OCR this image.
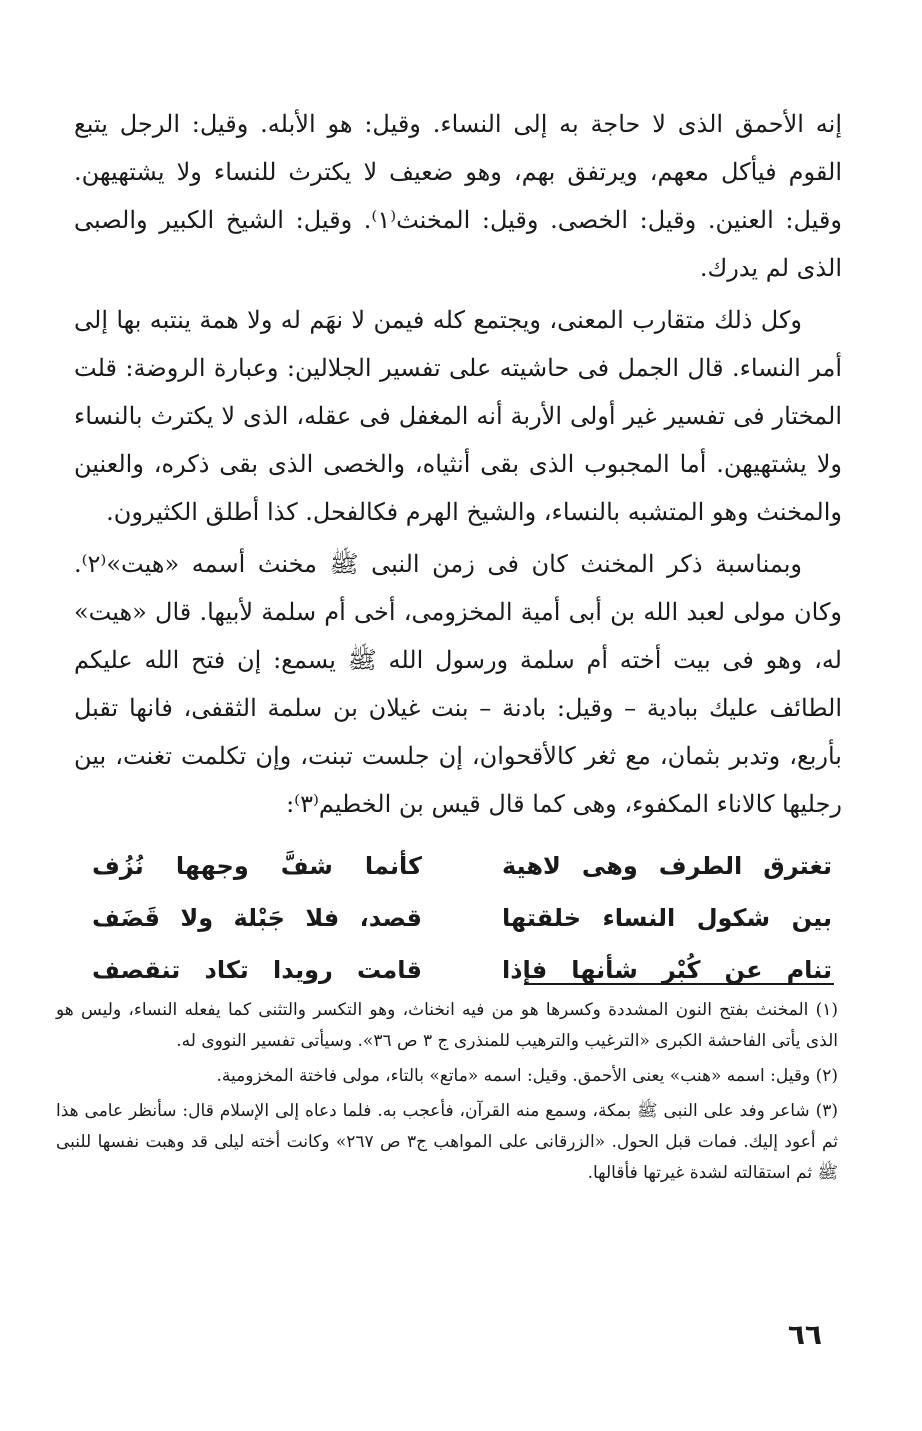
إنه الأحمق الذى لا حاجة به إلى النساء. وقيل: هو الأبله. وقيل: الرجل يتبع القوم فيأكل معهم، ويرتفق بهم، وهو ضعيف لا يكترث للنساء ولا يشتهيهن. وقيل: العنين. وقيل: الخصى. وقيل: المخنث⁽١⁾. وقيل: الشيخ الكبير والصبى الذى لم يدرك.

وكل ذلك متقارب المعنى، ويجتمع كله فيمن لا نهَم له ولا همة ينتبه بها إلى أمر النساء. قال الجمل فى حاشيته على تفسير الجلالين: وعبارة الروضة: قلت المختار فى تفسير غير أولى الأربة أنه المغفل فى عقله، الذى لا يكترث بالنساء ولا يشتهيهن. أما المجبوب الذى بقى أنثياه، والخصى الذى بقى ذكره، والعنين والمخنث وهو المتشبه بالنساء، والشيخ الهرم فكالفحل. كذا أطلق الكثيرون.

وبمناسبة ذكر المخنث كان فى زمن النبى ﷺ مخنث أسمه «هيت»⁽٢⁾. وكان مولى لعبد الله بن أبى أمية المخزومى، أخى أم سلمة لأبيها. قال «هيت» له، وهو فى بيت أخته أم سلمة ورسول الله ﷺ يسمع: إن فتح الله عليكم الطائف عليك ببادية – وقيل: بادنة – بنت غيلان بن سلمة الثقفى، فانها تقبل بأربع، وتدبر بثمان، مع ثغر كالأقحوان، إن جلست تبنت، وإن تكلمت تغنت، بين رجليها كالاناء المكفوء، وهى كما قال قيس بن الخطيم⁽٣⁾:

تغترق الطرف وهى لاهية
كأنما شفَّ وجهها نُزُف
بين شكول النساء خلقتها
قصد، فلا جَبْلة ولا قَضَف
تنام عن كُبْر شأنها فإذا
قامت رويدا تكاد تنقصف

(١) المخنث بفتح النون المشددة وكسرها هو من فيه انخناث، وهو التكسر والتثنى كما يفعله النساء، وليس هو الذى يأتى الفاحشة الكبرى «الترغيب والترهيب للمنذرى ج ٣ ص ٣٦». وسيأتى تفسير النووى له.

(٢) وقيل: اسمه «هنب» يعنى الأحمق. وقيل: اسمه «ماتع» بالتاء، مولى فاختة المخزومية.

(٣) شاعر وفد على النبى ﷺ بمكة، وسمع منه القرآن، فأعجب به. فلما دعاه إلى الإسلام قال: سأنظر عامى هذا ثم أعود إليك. فمات قبل الحول. «الزرقانى على المواهب ج٣ ص ٢٦٧» وكانت أخته ليلى قد وهبت نفسها للنبى ﷺ ثم استقالته لشدة غيرتها فأقالها.

٦٦
